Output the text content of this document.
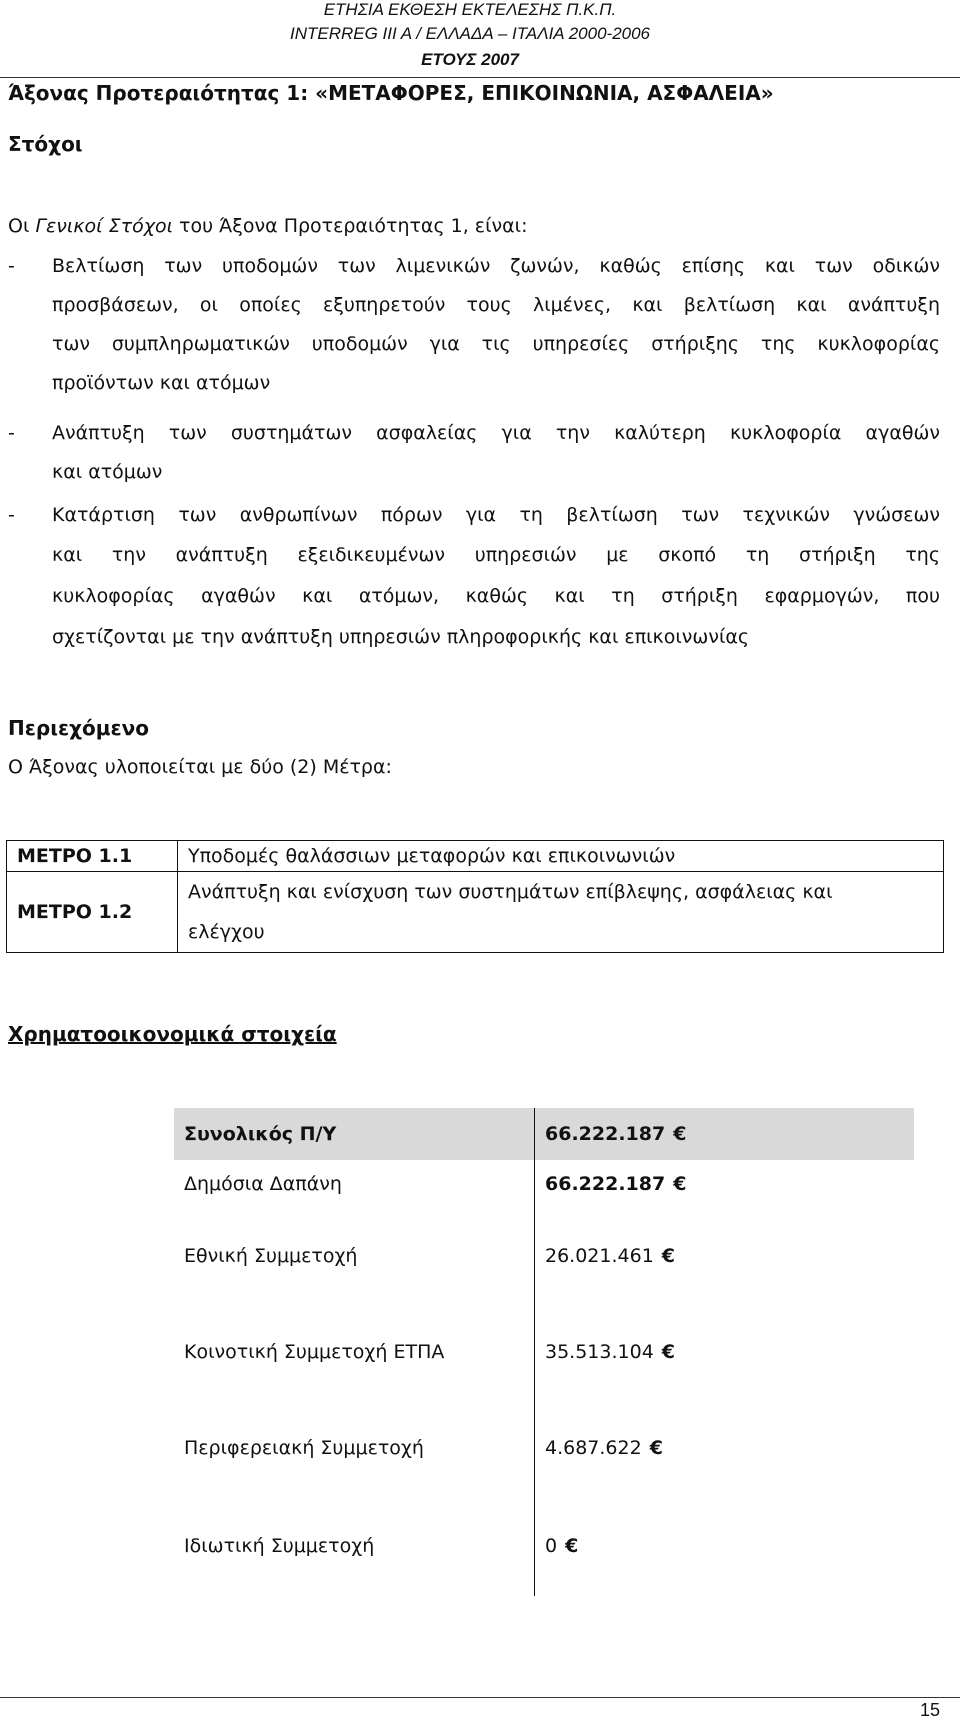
ΕΤΗΣΙΑ ΕΚΘΕΣΗ ΕΚΤΕΛΕΣΗΣ Π.Κ.Π.
INTERREG III A / ΕΛΛΑΔΑ – ΙΤΑΛΙΑ 2000-2006
ΕΤΟΥΣ 2007
Άξονας Προτεραιότητας 1: «ΜΕΤΑΦΟΡΕΣ, ΕΠΙΚΟΙΝΩΝΙΑ, ΑΣΦΑΛΕΙΑ»
Στόχοι
Οι Γενικοί Στόχοι του Άξονα Προτεραιότητας 1, είναι:
- Βελτίωση των υποδομών των λιμενικών ζωνών, καθώς επίσης και των οδικών
προσβάσεων, οι οποίες εξυπηρετούν τους λιμένες, και βελτίωση και ανάπτυξη
των συμπληρωματικών υποδομών για τις υπηρεσίες στήριξης της κυκλοφορίας
προϊόντων και ατόμων
- Ανάπτυξη των συστημάτων ασφαλείας για την καλύτερη κυκλοφορία αγαθών
και ατόμων
- Κατάρτιση των ανθρωπίνων πόρων για τη βελτίωση των τεχνικών γνώσεων
και την ανάπτυξη εξειδικευμένων υπηρεσιών με σκοπό τη στήριξη της
κυκλοφορίας αγαθών και ατόμων, καθώς και τη στήριξη εφαρμογών, που
σχετίζονται με την ανάπτυξη υπηρεσιών πληροφορικής και επικοινωνίας
Περιεχόμενο
Ο Άξονας υλοποιείται με δύο (2) Μέτρα:
ΜΕΤΡΟ 1.1	Υποδομές θαλάσσιων μεταφορών και επικοινωνιών

ΜΕΤΡΟ 1.2	Ανάπτυξη και ενίσχυση των συστημάτων επίβλεψης, ασφάλειας και
ελέγχου
Χρηματοοικονομικά στοιχεία
Συνολικός Π/Υ	66.222.187 €
Δημόσια Δαπάνη	66.222.187 €
Εθνική Συμμετοχή	26.021.461 €
Κοινοτική Συμμετοχή ΕΤΠΑ	35.513.104 €
Περιφερειακή Συμμετοχή	4.687.622 €
Ιδιωτική Συμμετοχή	0 €
15
